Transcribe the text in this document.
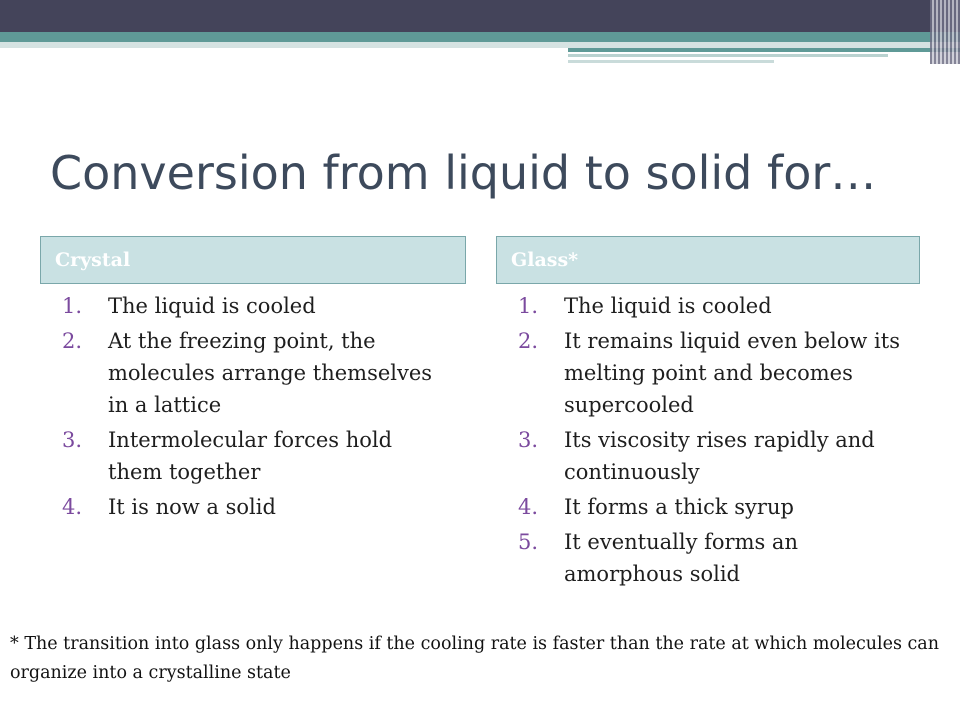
Conversion from liquid to solid for…
Crystal	Glass*
1. The liquid is cooled
2. At the freezing point, the molecules arrange themselves in a lattice
3. Intermolecular forces hold them together
4. It is now a solid
1. The liquid is cooled
2. It remains liquid even below its melting point and becomes supercooled
3. Its viscosity rises rapidly and continuously
4. It forms a thick syrup
5. It eventually forms an amorphous solid
* The transition into glass only happens if the cooling rate is faster than the rate at which molecules can organize into a crystalline state
